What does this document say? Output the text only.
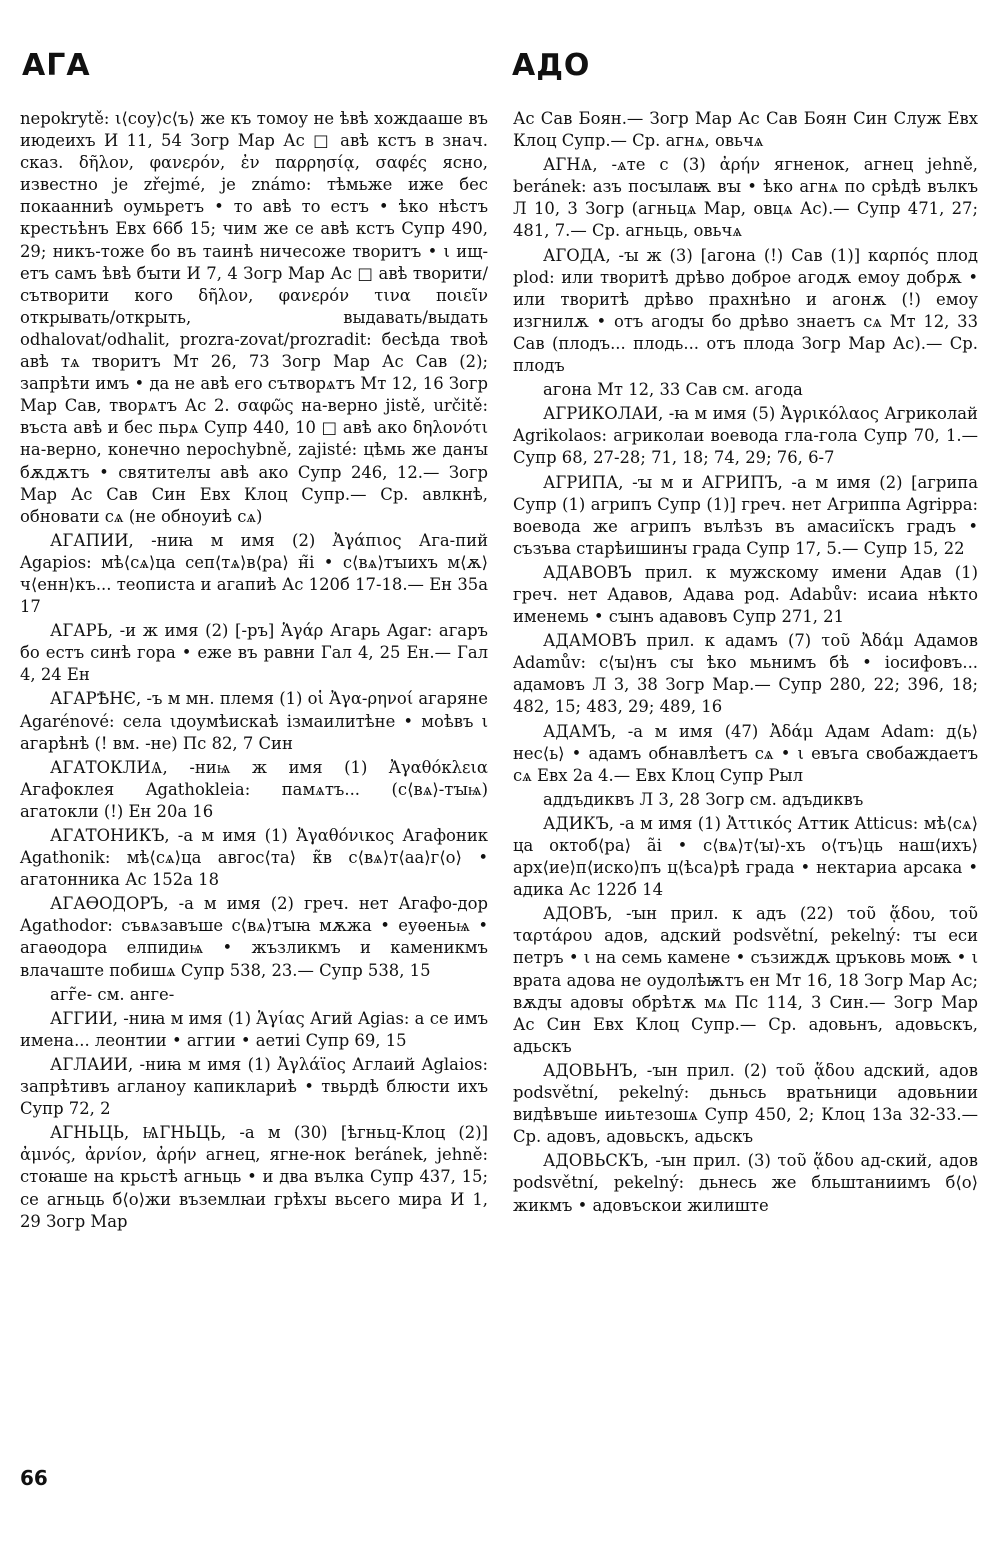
АГА	АДО

nepokrytě: ι⟨сoy⟩c⟨ъ⟩ же къ томоу не ѣвѣ хождааше въ июдеихъ И 11, 54 Зогр Мар Ас □ авѣ кстъ в знач. сказ. δῆλον, φανερόν, ἐν παρρησίᾳ, σαφές ясно, известно je zřejmé, je známo: тѣмьже иже бес покаанниѣ оумьретъ • то авѣ то естъ • ѣко нѣстъ крестьѣнъ Евх 66б 15; чим же се авѣ кстъ Супр 490, 29; никъ-тоже бо въ таинѣ ничесоже творитъ • ι ищ-етъ самъ ѣвѣ бꙑти И 7, 4 Зогр Мар Ас □ авѣ творити/сътворити кого δῆλον, φανερόν τινα ποιεῖν открывать/открыть, выдавать/выдать odhalovat/odhalit, prozra-zovat/prozradit: бесѣда твоѣ авѣ тѧ творитъ Мт 26, 73 Зогр Мар Ас Сав (2); запрѣти имъ • да не авѣ его сътворѧтъ Мт 12, 16 Зогр Мар Сав, творѧтъ Ас 2. σαφῶς на-верно jistě, určitě: въста авѣ и бес пьрѧ Супр 440, 10 □ авѣ ако δηλονότι на-верно, конечно nepochybně, zajisté: цѣмь же данꙑ бѫдѫтъ • святителꙑ авѣ ако Супр 246, 12.— Зогр Мар Ас Сав Син Евх Клоц Супр.— Ср. авлкнѣ, обновати сѧ (не обноуиѣ сѧ)

АГАПИИ, -ниꙗ м имя (2) Ἀγάπιος Ага-пий Agapios: мѣ⟨сѧ⟩ца сеп⟨тѧ⟩в⟨ра⟩ н̃і • с⟨вѧ⟩тꙑихъ м⟨ѫ⟩ч⟨енн⟩къ... теописта и агапиѣ Ас 120б 17-18.— Ен 35а 17

АГАРЬ, -и ж имя (2) [-ръ] Ἁγάρ Агарь Agar: агаръ бо естъ синѣ гора • еже въ равни Гал 4, 25 Ен.— Гал 4, 24 Ен

АГАРѢНЄ, -ъ м мн. племя (1) οἱ Ἀγα-ρηνοί агаряне Agarénové: села ιдоумѣискаѣ ізмаилитѣне • моѣвъ ι агарѣнѣ (! вм. -не) Пс 82, 7 Син

АГАТОКЛИѦ, -ниѩ ж имя (1) Ἀγαθόκλεια Агафоклея Agathokleia: памѧтъ... (с⟨вѧ⟩-тꙑѩ) агатокли (!) Ен 20а 16

АГАТОНИКЪ, -а м имя (1) Ἀγαθόνικος Агафоник Agathonik: мѣ⟨сѧ⟩ца авгос⟨та⟩ к̃в с⟨вѧ⟩т⟨аа⟩г⟨о⟩ • агатонника Ас 152а 18

АГАѲОДОРЪ, -а м имя (2) греч. нет Агафо-дор Agathodor: съвѧзавъше с⟨вѧ⟩тꙑꙗ мѫжа • еуѳеньѩ • агаѳодора елпидиѩ • жъзликмъ и каменикмъ влачаште побишѧ Супр 538, 23.— Супр 538, 15

агг̃е- см. анге-

АГГИИ, -ниꙗ м имя (1) Ἁγίας Агий Agias: а се имъ имена... леонтии • аггии • аетиі Супр 69, 15

АГЛАИИ, -ниꙗ м имя (1) Ἀγλάϊος Аглаий Aglaios: запрѣтивъ агланоу капиклариѣ • твьрдѣ блюсти ихъ Супр 72, 2

АГНЬЦЬ, ѨГНЬЦЬ, -а м (30) [ѣгньц-Клоц (2)] ἀμνός, ἀρνίον, ἀρήν агнец, ягне-нок beránek, jehně: стоꙗше на крьстѣ агньць • и два вълка Супр 437, 15; се агньць б⟨о⟩жи въземлꙗи грѣхꙑ вьсего мира И 1, 29 Зогр Мар

Ас Сав Боян.— Зогр Мар Ас Сав Боян Син Служ Евх Клоц Супр.— Ср. агнѧ, овьчѧ

АГНѦ, -ѧте с (3) ἀρήν ягненок, агнец jehně, beránek: азъ посꙑлаѭ вꙑ • ѣко агнѧ по срѣдѣ вълкъ Л 10, 3 Зогр (агньцѧ Мар, овцѧ Ас).— Супр 471, 27; 481, 7.— Ср. агньць, овьчѧ

АГОДА, -ꙑ ж (3) [агона (!) Сав (1)] καρπός плод plod: или творитѣ дрѣво доброе агодѫ емоу добрѫ • или творитѣ дрѣво прахнѣно и агонѫ (!) емоу изгнилѫ • отъ агодꙑ бо дрѣво знаетъ сѧ Мт 12, 33 Сав (плодъ... плодь... отъ плода Зогр Мар Ас).— Ср. плодъ

агона Мт 12, 33 Сав см. агода

АГРИКОЛАИ, -ꙗ м имя (5) Ἀγρικόλαος Агриколай Agrikolaos: агриколаи воевода гла-гола Супр 70, 1.— Супр 68, 27-28; 71, 18; 74, 29; 76, 6-7

АГРИПА, -ꙑ м и АГРИПЪ, -а м имя (2) [агрипа Супр (1) агрипъ Супр (1)] греч. нет Агриппа Agrippa: воевода же агрипъ вълѣзъ въ амасиїскъ градъ • съзъва старѣишинꙑ града Супр 17, 5.— Супр 15, 22

АДАВОВЪ прил. к мужскому имени Адав (1) греч. нет Адавов, Адава род. Adabův: исаиа нѣкто именемь • сꙑнъ адавовъ Супр 271, 21

АДАМОВЪ прил. к адамъ (7) τοῦ Ἀδάμ Адамов Adamův: с⟨ꙑ⟩нъ сꙑ ѣко мьнимъ бѣ • іосифовъ... адамовъ Л 3, 38 Зогр Мар.— Супр 280, 22; 396, 18; 482, 15; 483, 29; 489, 16

АДАМЪ, -а м имя (47) Ἀδάμ Адам Adam: д⟨ь⟩нес⟨ь⟩ • адамъ обнавлѣетъ сѧ • ι евъга свобаждаетъ сѧ Евх 2а 4.— Евх Клоц Супр Рыл

аддъдиквъ Л 3, 28 Зогр см. адъдиквъ

АДИКЪ, -а м имя (1) Ἀττικός Аттик Atticus: мѣ⟨сѧ⟩ца октоб⟨ра⟩ а̃і • с⟨вѧ⟩т⟨ꙑ⟩-хъ о⟨тъ⟩ць наш⟨ихъ⟩ арх⟨ие⟩п⟨иско⟩пъ ц⟨ѣса⟩рѣ града • нектариа арсака • адика Ас 122б 14

АДОВЪ, -ꙑн прил. к адъ (22) τοῦ ᾅδου, τοῦ ταρτάρου адов, адский podsvětní, pekelný: тꙑ еси петръ • ι на семь камене • съзиждѫ цръковь моѭ • ι врата адова не оудолѣѭтъ ен Мт 16, 18 Зогр Мар Ас; вѫдꙑ адовꙑ обрѣтѫ мѧ Пс 114, 3 Син.— Зогр Мар Ас Син Евх Клоц Супр.— Ср. адовьнъ, адовьскъ, адьскъ

АДОВЬНЪ, -ꙑн прил. (2) τοῦ ᾅδου адский, адов podsvětní, pekelný: дьньсь вратьници адовьнии видѣвъше ииьтезошѧ Супр 450, 2; Клоц 13а 32-33.— Ср. адовъ, адовьскъ, адьскъ

АДОВЬСКЪ, -ꙑн прил. (3) τοῦ ᾅδου ад-ский, адов podsvětní, pekelný: дьнесь же бльштаниимъ б⟨о⟩жикмъ • адовъскои жилиште

66
